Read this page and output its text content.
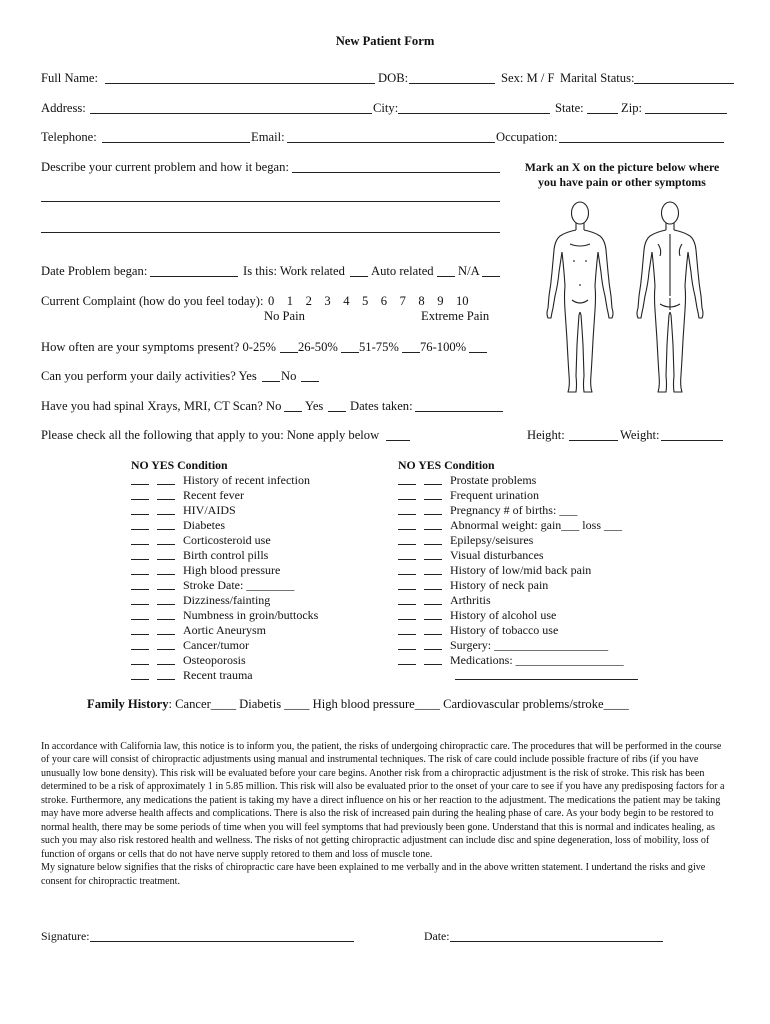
New Patient Form
Full Name:	DOB:	Sex: M / F Marital Status:
Address:	City:	State:	Zip:
Telephone:	Email:	Occupation:
Describe your current problem and how it began:	Mark an X on the picture below where
you have pain or other symptoms
Date Problem began:	Is this: Work related Auto related N/A
Current Complaint (how do you feel today): 0 1 2 3 4 5 6 7 8 9 10
No Pain	Extreme Pain
How often are your symptoms present? 0-25% 26-50% 51-75% 76-100%
Can you perform your daily activities? Yes No
Have you had spinal Xrays, MRI, CT Scan? No Yes Dates taken:
Please check all the following that apply to you: None apply below	Height:	Weight:
NO YES Condition	NO YES Condition
History of recent infection
Recent fever
HIV/AIDS
Diabetes
Corticosteroid use
Birth control pills
High blood pressure
Stroke Date: ________
Dizziness/fainting
Numbness in groin/buttocks
Aortic Aneurysm
Cancer/tumor
Osteoporosis
Recent trauma
Prostate problems
Frequent urination
Pregnancy # of births: ___
Abnormal weight: gain___ loss ___
Epilepsy/seisures
Visual disturbances
History of low/mid back pain
History of neck pain
Arthritis
History of alcohol use
History of tobacco use
Surgery: ___________________
Medications: __________________
Family History: Cancer____ Diabetis ____ High blood pressure____ Cardiovascular problems/stroke____

In accordance with California law, this notice is to inform you, the patient, the risks of undergoing chiropractic care. The procedures that will be performed in the course of your care will consist of chiropractic adjustments using manual and instrumental techniques. The risk of care could include possible fracture of ribs (if you have unusually low bone density). This risk will be evaluated before your care begins. Another risk from a chiropractic adjustment is the risk of stroke. This risk has been determined to be a risk of approximately 1 in 5.85 million. This risk will also be evaluated prior to the onset of your care to see if you have any predisposing factors for a stroke. Furthermore, any medications the patient is taking my have a direct influence on his or her reaction to the adjustment. The medications the patient may be taking may have more adverse health affects and complications. There is also the risk of increased pain during the healing phase of care. As your body begin to be restored to normal health, there may be some periods of time when you will feel symptoms that had previously been gone. Understand that this is normal and indicates healing, as such you may also risk restored health and wellness. The risks of not getting chiropractic adjustment can include disc and spine degeneration, loss of mobility, loss of function of organs or cells that do not have nerve supply retored to them and loss of muscle tone.

My signature below signifies that the risks of chiropractic care have been explained to me verbally and in the above written statement. I undertand the risks and give consent for chiropractic treatment.

Signature:	Date:
